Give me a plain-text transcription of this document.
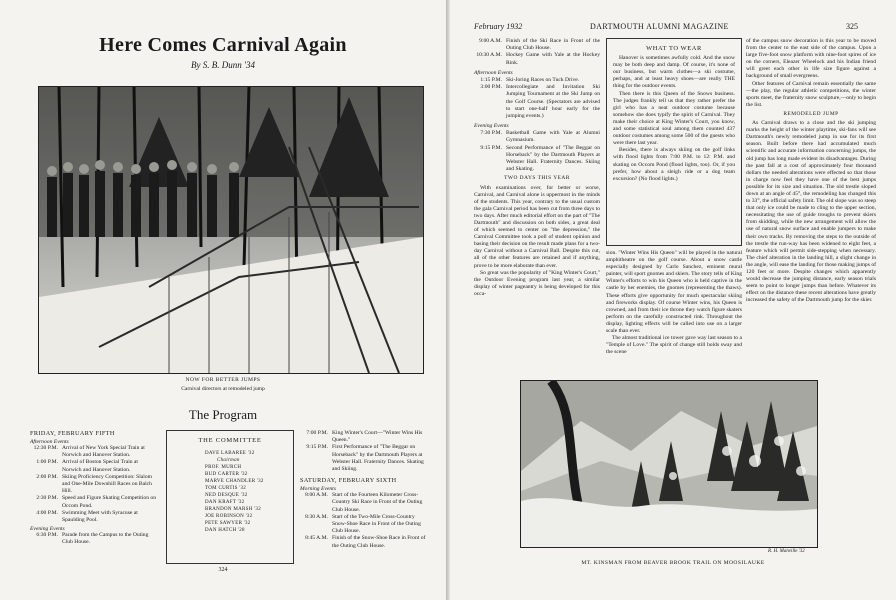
Here Comes Carnival Again
By S. B. Dunn '34
NOW FOR BETTER JUMPS
Carnival directors at remodeled jump
The Program
FRIDAY, FEBRUARY FIFTH
Afternoon Events
12:30 P.M. Arrival of New York Special Train at Norwich and Hanover Station.
1:00 P.M. Arrival of Boston Special Train at Norwich and Hanover Station.
2:00 P.M. Skiing Proficiency Competition: Slalom and One-Mile Downhill Races on Balch Hill.
2:30 P.M. Speed and Figure Skating Competition on Occom Pond.
4:00 P.M. Swimming Meet with Syracuse at Spaulding Pool.
Evening Events
6:30 P.M. Parade from the Campus to the Outing Club House.
THE COMMITTEE
DAVE LABAREE '32
Chairman
PROF. MURCH
BUD CARTER '32
MARVE CHANDLER '32
TOM CURTIS '32
NED DESQUE '32
DAN KRAFT '32
BRANDON MARSH '32
JOE ROBINSON '32
PETE SAWYER '32
DAN HATCH '28
7:00 P.M. King Winter's Court—"Winter Wins His Queen."
9:15 P.M. First Performance of "The Beggar on Horseback" by the Dartmouth Players at Webster Hall. Fraternity Dances. Skating and Skiing.
SATURDAY, FEBRUARY SIXTH
Morning Events
8:00 A.M. Start of the Fourteen Kilometer Cross-Country Ski Race in Front of the Outing Club House.
8:30 A.M. Start of the Two-Mile Cross-Country Snow-Shoe Race in Front of the Outing Club House.
8:45 A.M. Finish of the Snow-Shoe Race in Front of the Outing Club House.
324
February 1932	DARTMOUTH ALUMNI MAGAZINE	325
9:00 A.M. Finish of the Ski Race in Front of the Outing Club House.
10:30 A.M. Hockey Game with Yale at the Hockey Rink.
Afternoon Events
1:15 P.M. Ski-Joring Races on Tuck Drive.
3:00 P.M. Intercollegiate and Invitation Ski Jumping Tournament at the Ski Jump on the Golf Course. (Spectators are advised to start one-half hour early for the jumping events.)
Evening Events
7:30 P.M. Basketball Game with Yale at Alumni Gymnasium.
9:15 P.M. Second Performance of "The Beggar on Horseback" by the Dartmouth Players at Webster Hall. Fraternity Dances. Skiing and Skating.

TWO DAYS THIS YEAR

With examinations over, for better or worse, Carnival, and Carnival alone is uppermost in the minds of the students. This year, contrary to the usual custom the gala Carnival period has been cut from three days to two days. After much editorial effort on the part of "The Dartmouth" and discussion on both sides, a great deal of which seemed to center on "the depression," the Carnival Committee took a poll of student opinion and basing their decision on the result made plans for a two-day Carnival without a Carnival Ball. Despite this cut, all of the other features are retained and if anything, prove to be more elaborate than ever.

So great was the popularity of "King Winter's Court," the Outdoor Evening program last year, a similar display of winter pageantry is being developed for this occa-

WHAT TO WEAR

Hanover is sometimes awfully cold. And the snow may be both deep and damp. Of course, it's none of our business, but warm clothes—a ski costume, perhaps, and at least heavy shoes—are really THE thing for the outdoor events.

Then there is this Queen of the Snows business. The judges frankly tell us that they rather prefer the girl who has a neat outdoor costume because somehow she does typify the spirit of Carnival. They make their choice at King Winter's Court, you know, and some statistical soul among them counted 437 outdoor costumes among some 500 of the guests who were there last year.

Besides, there is always skiing on the golf links with flood lights from 7:00 P.M. to 12: P.M. and skating on Occom Pond (flood lights, too). Or, if you prefer, how about a sleigh ride or a dog team excursion? (No flood lights.)

sion. "Winter Wins His Queen" will be played in the natural amphitheatre on the golf course. About a snow castle especially designed by Carlo Sanchez, eminent mural painter, will sport gnomes and skiers. The story tells of King Winter's efforts to win his Queen who is held captive in the castle by her enemies, the gnomes (representing the thaws). These efforts give opportunity for much spectacular skiing and fireworks display. Of course Winter wins, his Queen is crowned, and from their ice throne they watch figure skaters perform on the carefully constructed rink. Throughout the display, lighting effects will be called into use on a larger scale than ever.

The almost traditional ice tower gave way last season to a "Temple of Love." The spirit of change still holds sway and the scene

of the campus snow decoration is this year to be moved from the center to the east side of the campus. Upon a large five-foot snow platform with nine-foot spires of ice on the corners, Eleazer Wheelock and his Indian friend will greet each other in life size figure against a background of small evergreens.

Other features of Carnival remain essentially the same—the play, the regular athletic competitions, the winter sports meet, the fraternity snow sculpture,—only to begin the list.

REMODELED JUMP

As Carnival draws to a close and the ski jumping marks the height of the winter playtime, ski-fans will see Dartmouth's newly remodeled jump in use for its first season. Built before there had accumulated much scientific and accurate information concerning jumps, the old jump has long made evident its disadvantages. During the past fall at a cost of approximately four thousand dollars the needed alterations were effected so that those in charge now feel they have one of the best jumps possible for its size and situation. The old trestle sloped down at an angle of 45°, the remodeling has changed this to 33°, the official safety limit. The old slope was so steep that only ice could be made to cling to the upper section, necessitating the use of guide troughs to prevent skiers from skidding, while the new arrangement will allow the use of natural snow surface and enable jumpers to make their own tracks. By removing the steps to the outside of the trestle the run-way has been widened to eight feet, a feature which will permit side-stepping when necessary. The chief alteration in the landing hill, a slight change in the angle, will ease the landing for those making jumps of 120 feet or more. Despite changes which apparently would decrease the jumping distance, early season trials seem to point to longer jumps than before. Whatever its effect on the distance these recent alterations have greatly increased the safety of the Dartmouth jump for the skier.

R. H. Manville '32
MT. KINSMAN FROM BEAVER BROOK TRAIL ON MOOSILAUKE
